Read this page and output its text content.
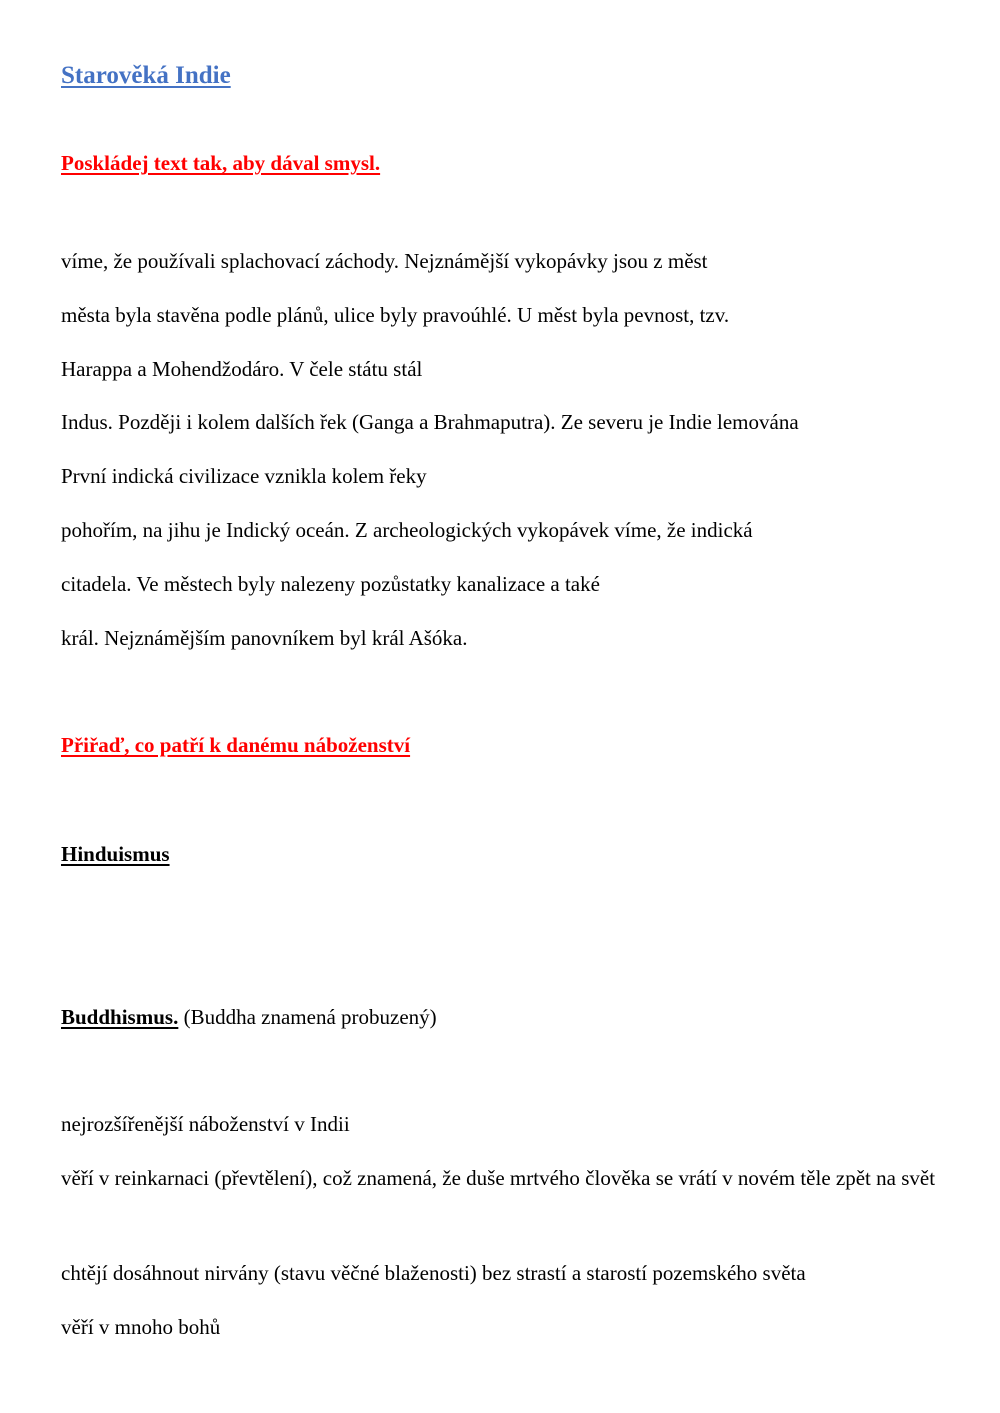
Starověká Indie
Poskládej text tak, aby dával smysl.

víme, že používali splachovací záchody. Nejznámější vykopávky jsou z měst

města byla stavěna podle plánů, ulice byly pravoúhlé. U měst byla pevnost, tzv.

Harappa a Mohendžodáro. V čele státu stál

Indus. Později i kolem dalších řek (Ganga a Brahmaputra). Ze severu je Indie lemována

První indická civilizace vznikla kolem řeky

pohořím, na jihu je Indický oceán. Z archeologických vykopávek víme, že indická

citadela. Ve městech byly nalezeny pozůstatky kanalizace a také

král. Nejznámějším panovníkem byl král Ašóka.

Přiřaď, co patří k danému náboženství
Hinduismus

Buddhismus. (Buddha znamená probuzený)

nejrozšířenější náboženství v Indii

věří v reinkarnaci (převtělení), což znamená, že duše mrtvého člověka se vrátí v novém těle zpět na svět

chtějí dosáhnout nirvány (stavu věčné blaženosti) bez strastí a starostí pozemského světa

věří v mnoho bohů
